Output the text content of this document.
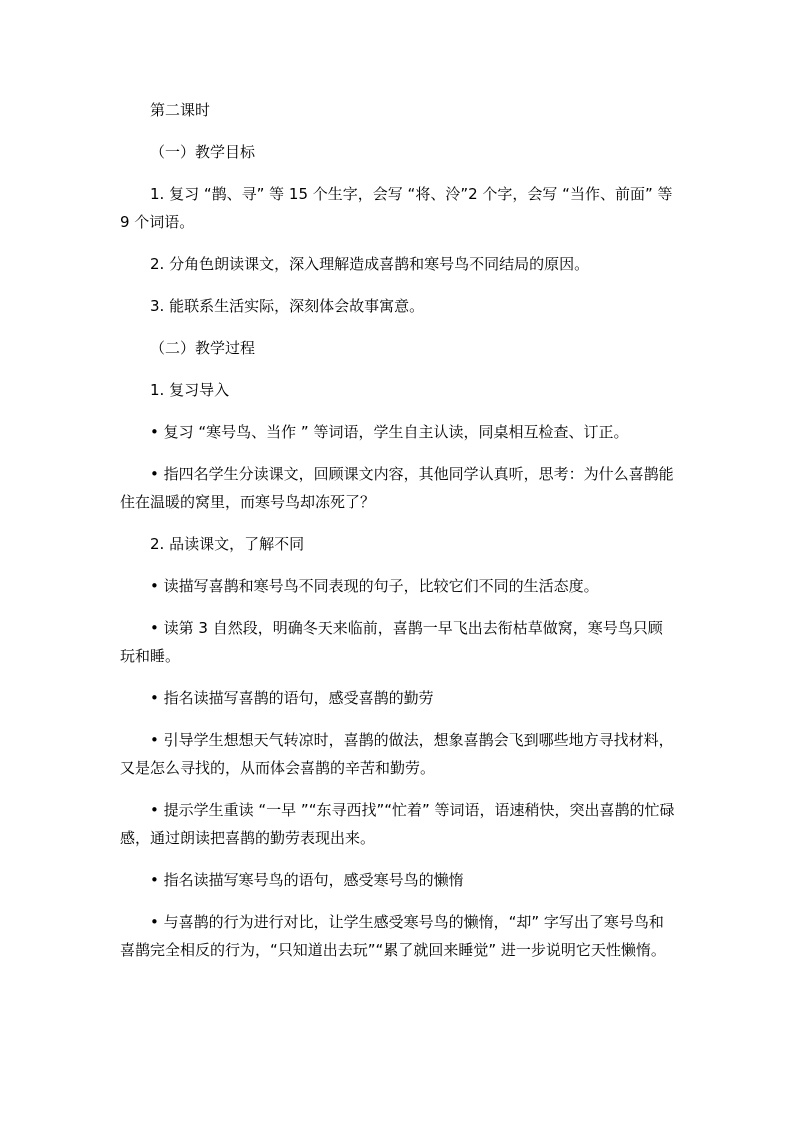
第二课时

（一）教学目标

1. 复习 “鹊、寻” 等 15 个生字，会写 “将、泠”2 个字，会写 “当作、前面” 等 9 个词语。

2. 分角色朗读课文，深入理解造成喜鹊和寒号鸟不同结局的原因。

3. 能联系生活实际，深刻体会故事寓意。

（二）教学过程

1. 复习导入

• 复习 “寒号鸟、当作 ” 等词语，学生自主认读，同桌相互检查、订正。

• 指四名学生分读课文，回顾课文内容，其他同学认真听，思考：为什么喜鹊能住在温暖的窝里，而寒号鸟却冻死了？

2. 品读课文，了解不同

• 读描写喜鹊和寒号鸟不同表现的句子，比较它们不同的生活态度。

• 读第 3 自然段，明确冬天来临前，喜鹊一早飞出去衔枯草做窝，寒号鸟只顾玩和睡。

• 指名读描写喜鹊的语句，感受喜鹊的勤劳

• 引导学生想想天气转凉时，喜鹊的做法，想象喜鹊会飞到哪些地方寻找材料，又是怎么寻找的，从而体会喜鹊的辛苦和勤劳。

• 提示学生重读 “一早 ”“东寻西找”“忙着” 等词语，语速稍快，突出喜鹊的忙碌感，通过朗读把喜鹊的勤劳表现出来。

• 指名读描写寒号鸟的语句，感受寒号鸟的懒惰

• 与喜鹊的行为进行对比，让学生感受寒号鸟的懒惰，“却” 字写出了寒号鸟和喜鹊完全相反的行为，“只知道出去玩”“累了就回来睡觉” 进一步说明它天性懒惰。
